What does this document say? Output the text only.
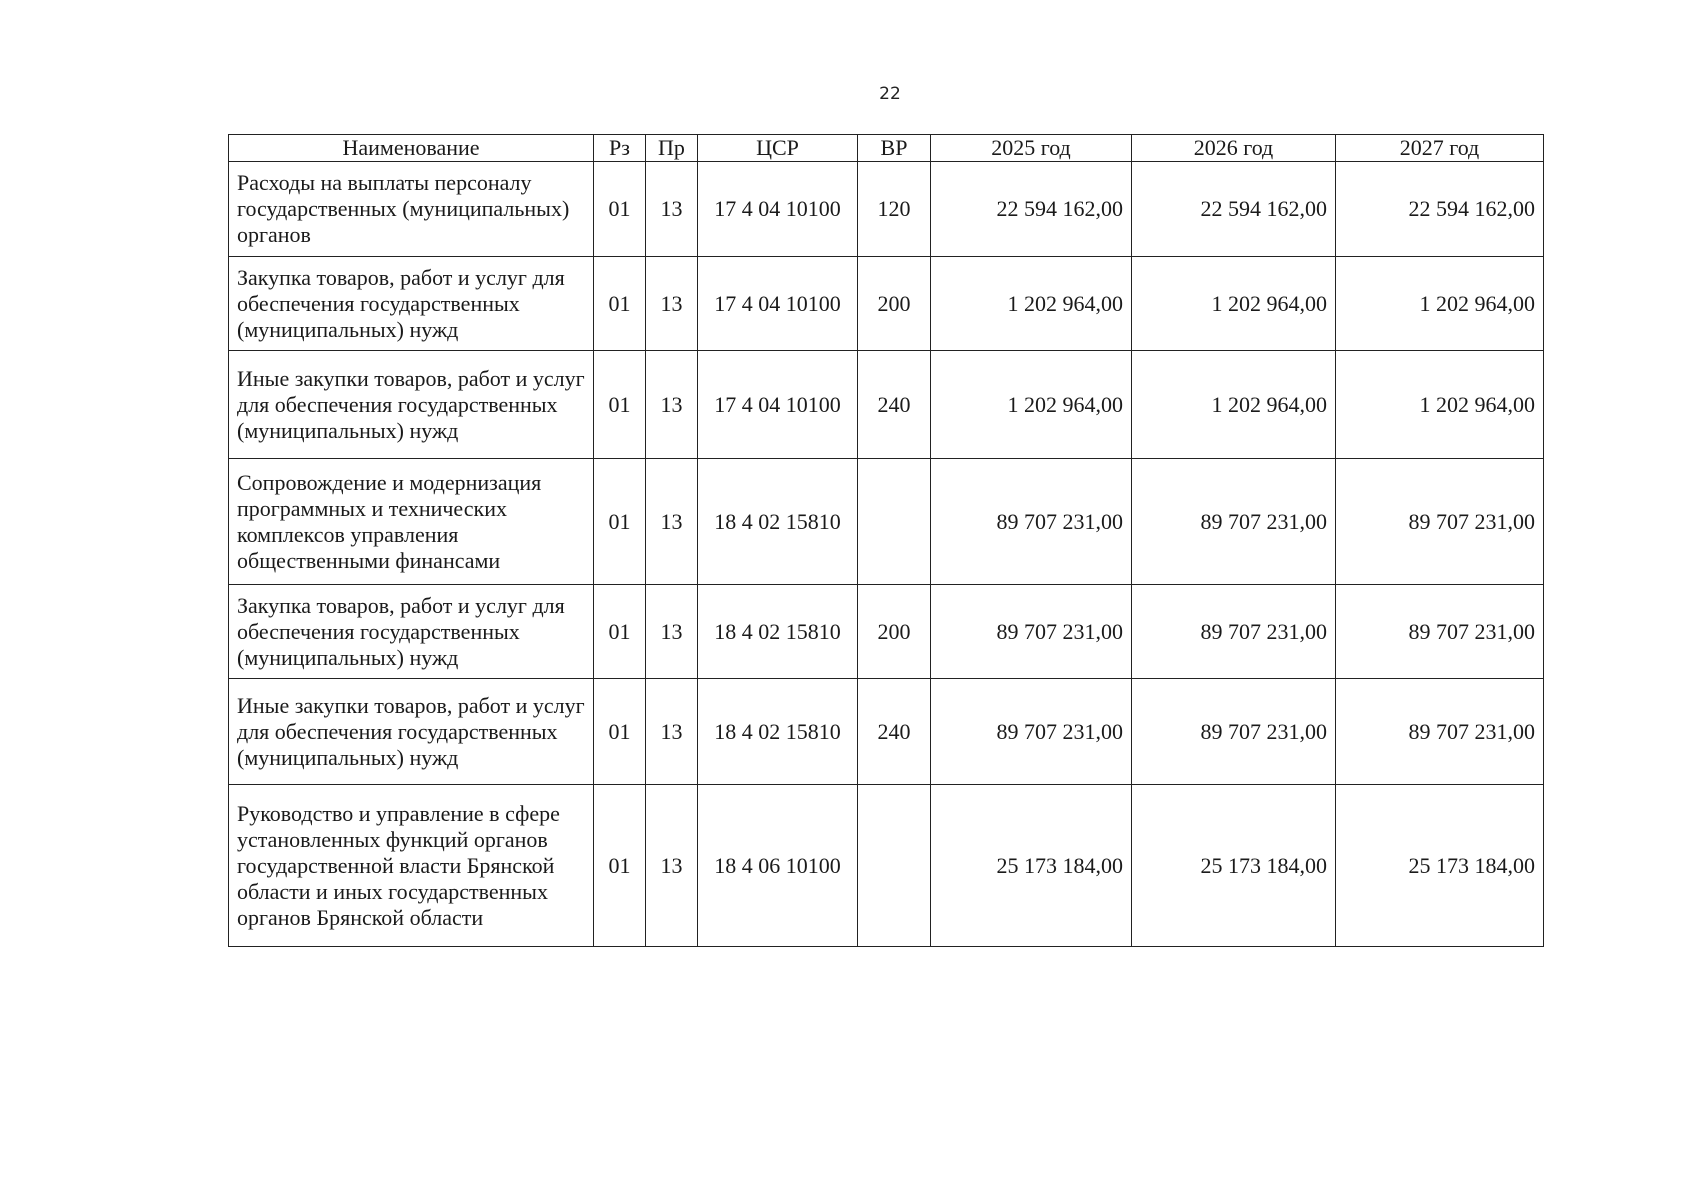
22
Наименование	Рз	Пр	ЦСР	ВР	2025 год	2026 год	2027 год
Расходы на выплаты персоналу государственных (муниципальных) органов	01	13	17 4 04 10100	120	22 594 162,00	22 594 162,00	22 594 162,00
Закупка товаров, работ и услуг для обеспечения государственных (муниципальных) нужд	01	13	17 4 04 10100	200	1 202 964,00	1 202 964,00	1 202 964,00
Иные закупки товаров, работ и услуг для обеспечения государственных (муниципальных) нужд	01	13	17 4 04 10100	240	1 202 964,00	1 202 964,00	1 202 964,00
Сопровождение и модернизация программных и технических комплексов управления общественными финансами	01	13	18 4 02 15810		89 707 231,00	89 707 231,00	89 707 231,00
Закупка товаров, работ и услуг для обеспечения государственных (муниципальных) нужд	01	13	18 4 02 15810	200	89 707 231,00	89 707 231,00	89 707 231,00
Иные закупки товаров, работ и услуг для обеспечения государственных (муниципальных) нужд	01	13	18 4 02 15810	240	89 707 231,00	89 707 231,00	89 707 231,00
Руководство и управление в сфере установленных функций органов государственной власти Брянской области и иных государственных органов Брянской области	01	13	18 4 06 10100		25 173 184,00	25 173 184,00	25 173 184,00
